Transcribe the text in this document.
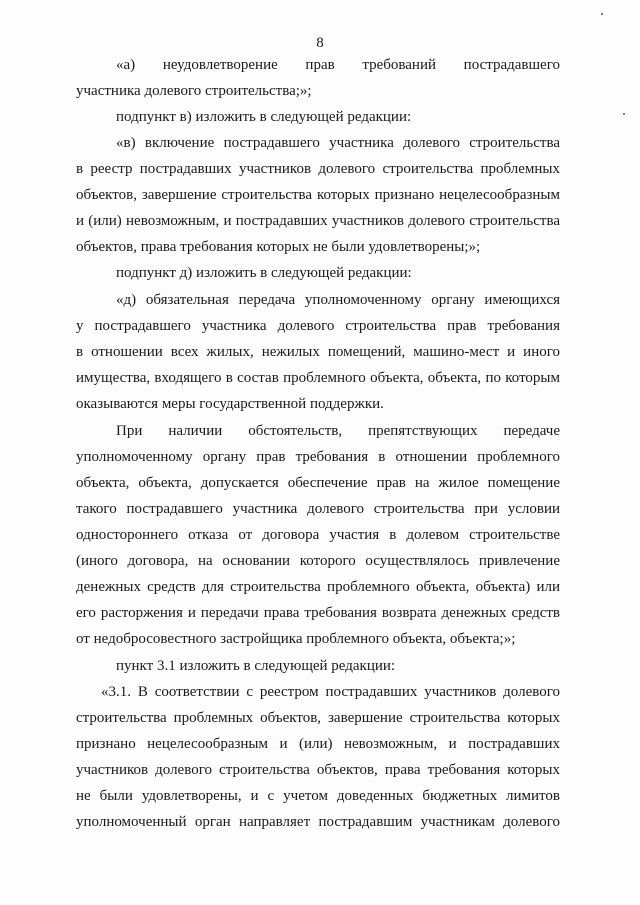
8
«а) неудовлетворение прав требований пострадавшего
участника долевого строительства;»;
подпункт в) изложить в следующей редакции:
«в) включение пострадавшего участника долевого строительства
в реестр пострадавших участников долевого строительства проблемных
объектов, завершение строительства которых признано нецелесообразным
и (или) невозможным, и пострадавших участников долевого строительства
объектов, права требования которых не были удовлетворены;»;
подпункт д) изложить в следующей редакции:
«д) обязательная передача уполномоченному органу имеющихся
у пострадавшего участника долевого строительства прав требования
в отношении всех жилых, нежилых помещений, машино-мест и иного
имущества, входящего в состав проблемного объекта, объекта, по которым
оказываются меры государственной поддержки.
При наличии обстоятельств, препятствующих передаче
уполномоченному органу прав требования в отношении проблемного
объекта, объекта, допускается обеспечение прав на жилое помещение
такого пострадавшего участника долевого строительства при условии
одностороннего отказа от договора участия в долевом строительстве
(иного договора, на основании которого осуществлялось привлечение
денежных средств для строительства проблемного объекта, объекта) или
его расторжения и передачи права требования возврата денежных средств
от недобросовестного застройщика проблемного объекта, объекта;»;
пункт 3.1 изложить в следующей редакции:
«3.1. В соответствии с реестром пострадавших участников долевого
строительства проблемных объектов, завершение строительства которых
признано нецелесообразным и (или) невозможным, и пострадавших
участников долевого строительства объектов, права требования которых
не были удовлетворены, и с учетом доведенных бюджетных лимитов
уполномоченный орган направляет пострадавшим участникам долевого
